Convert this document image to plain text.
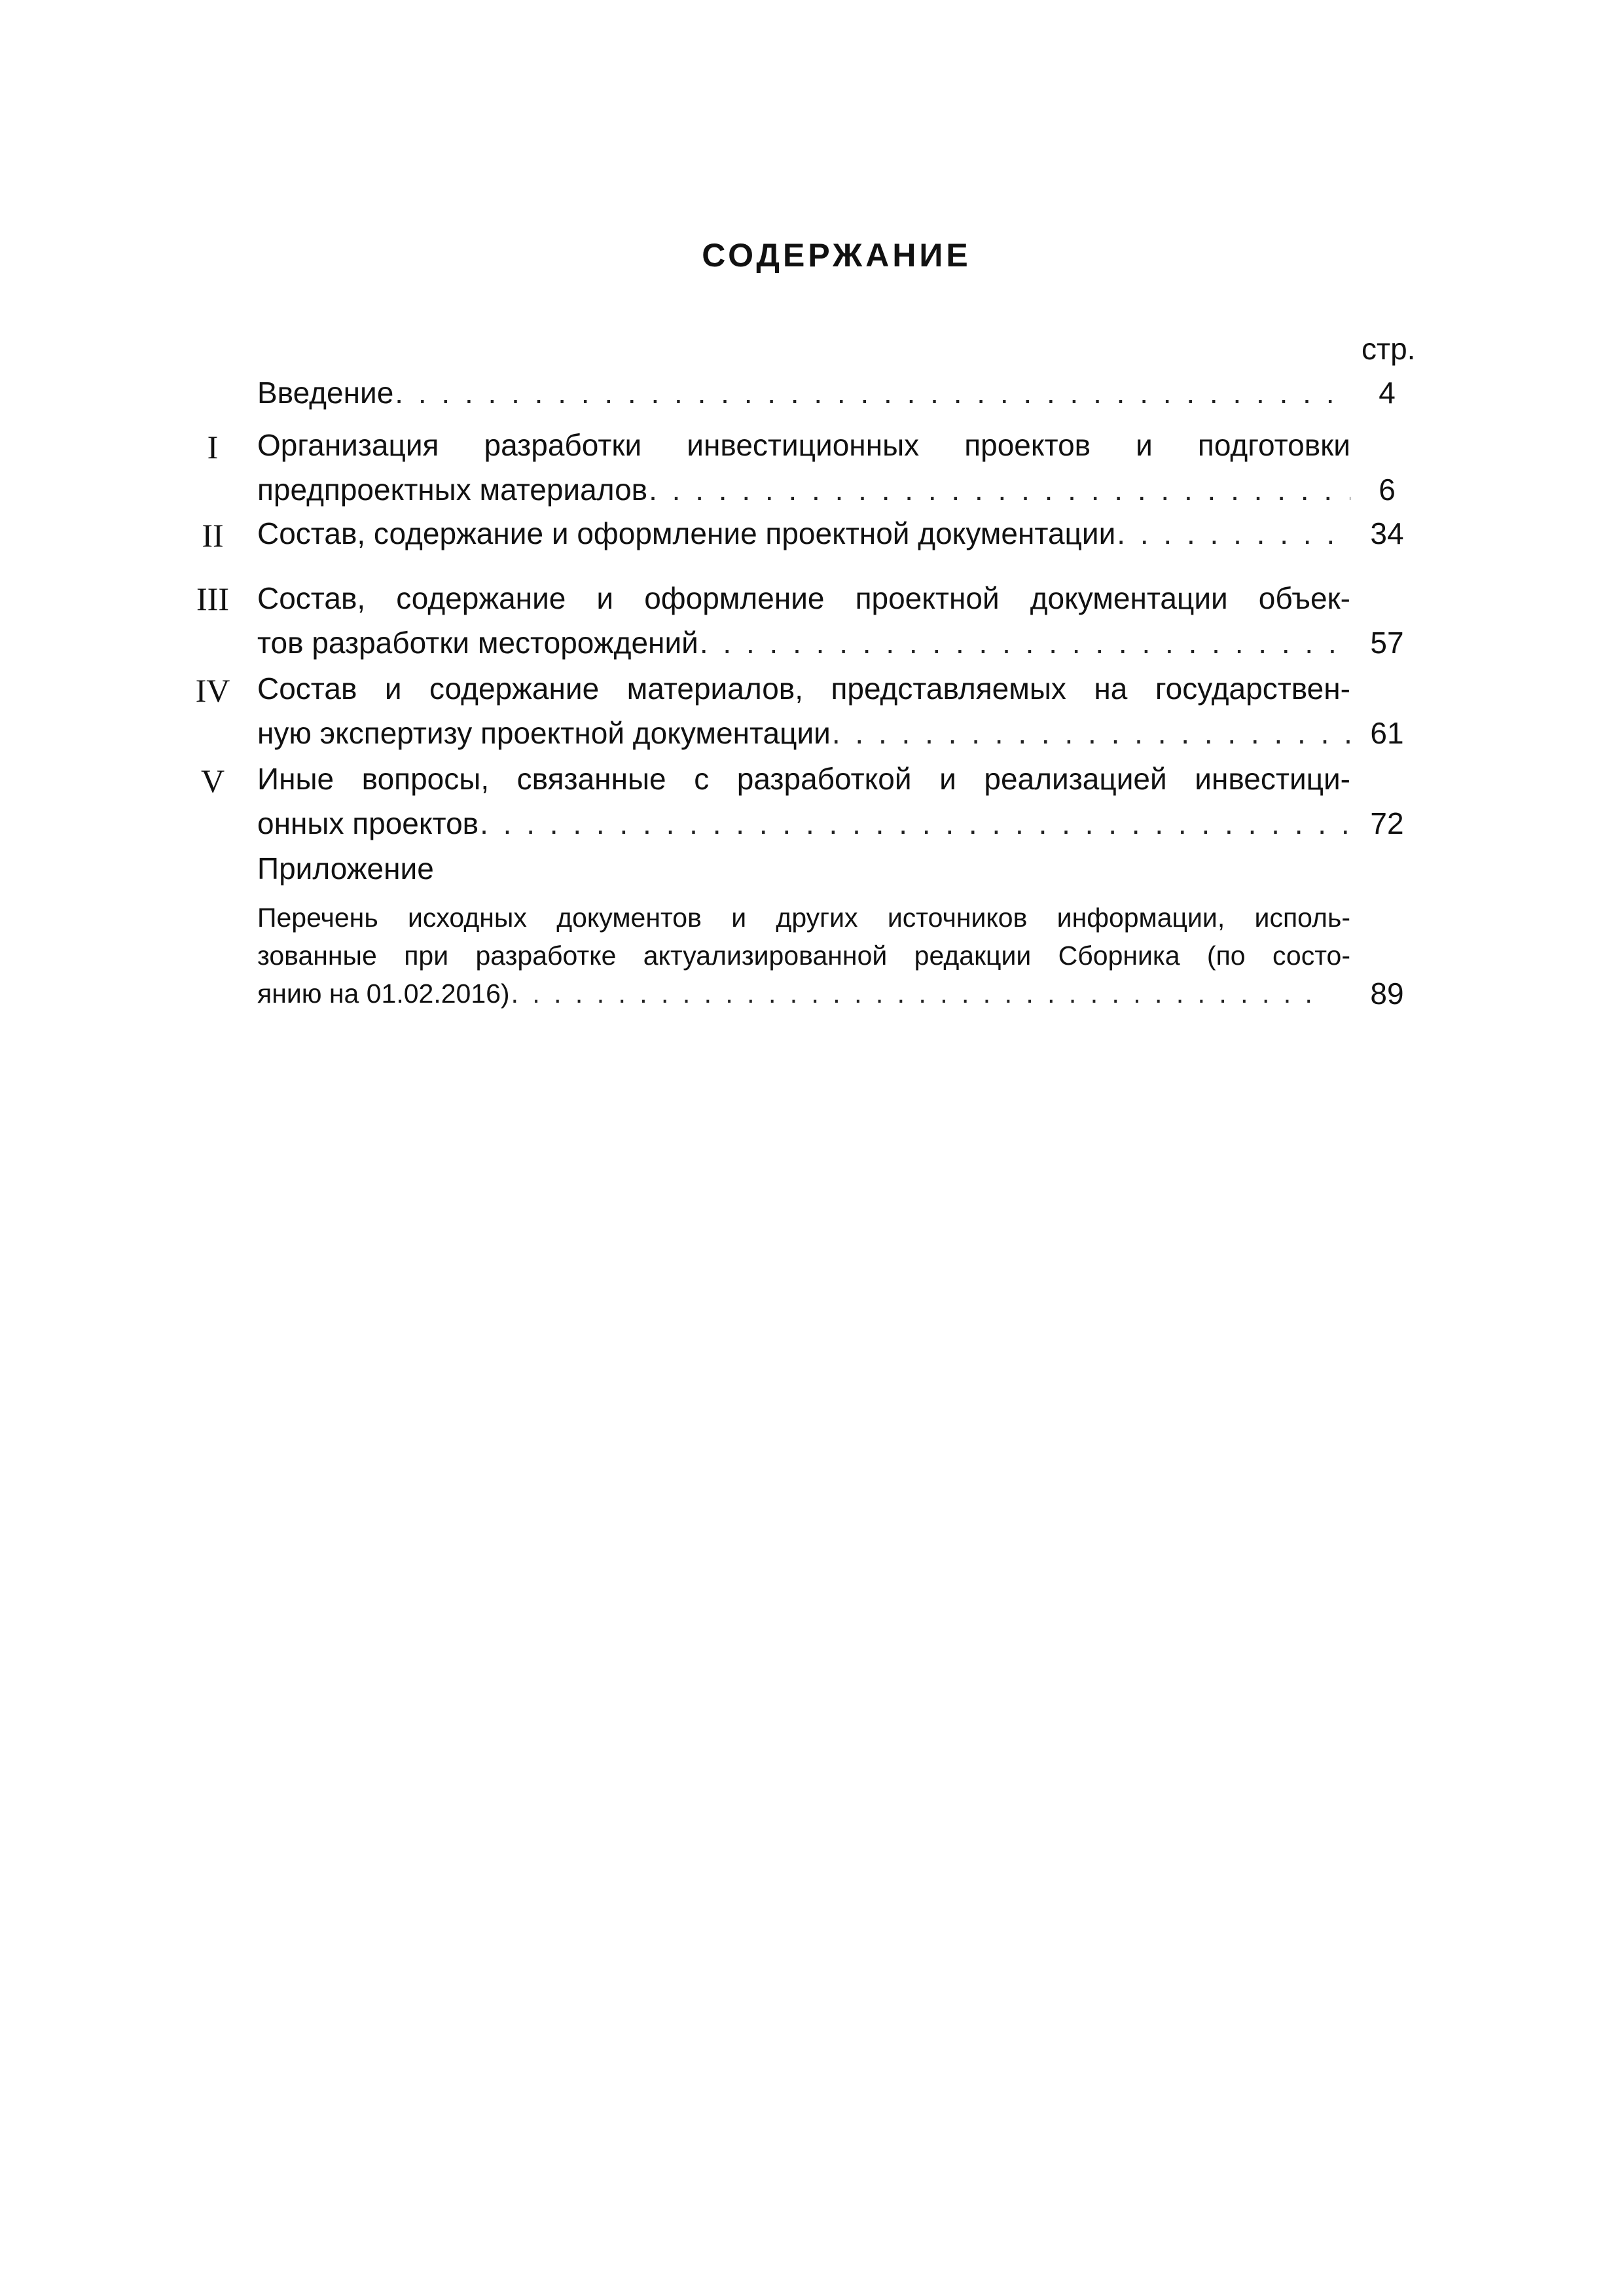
СОДЕРЖАНИЕ
стр.
Введение . . .	4
I	Организация разработки инвестиционных проектов и подготовки
предпроектных материалов . . .	6
II	Состав, содержание и оформление проектной документации . . .	34
III Состав, содержание и оформление проектной документации объек-
тов разработки месторождений . . .	57
IV Состав и содержание материалов, представляемых на государствен-
ную экспертизу проектной документации . . .	61
V	Иные вопросы, связанные с разработкой и реализацией инвестици-
онных проектов . . .	72
Приложение
Перечень исходных документов и других источников информации, исполь-
зованные при разработке актуализированной редакции Сборника (по состо-
янию на 01.02.2016) . . .	89
